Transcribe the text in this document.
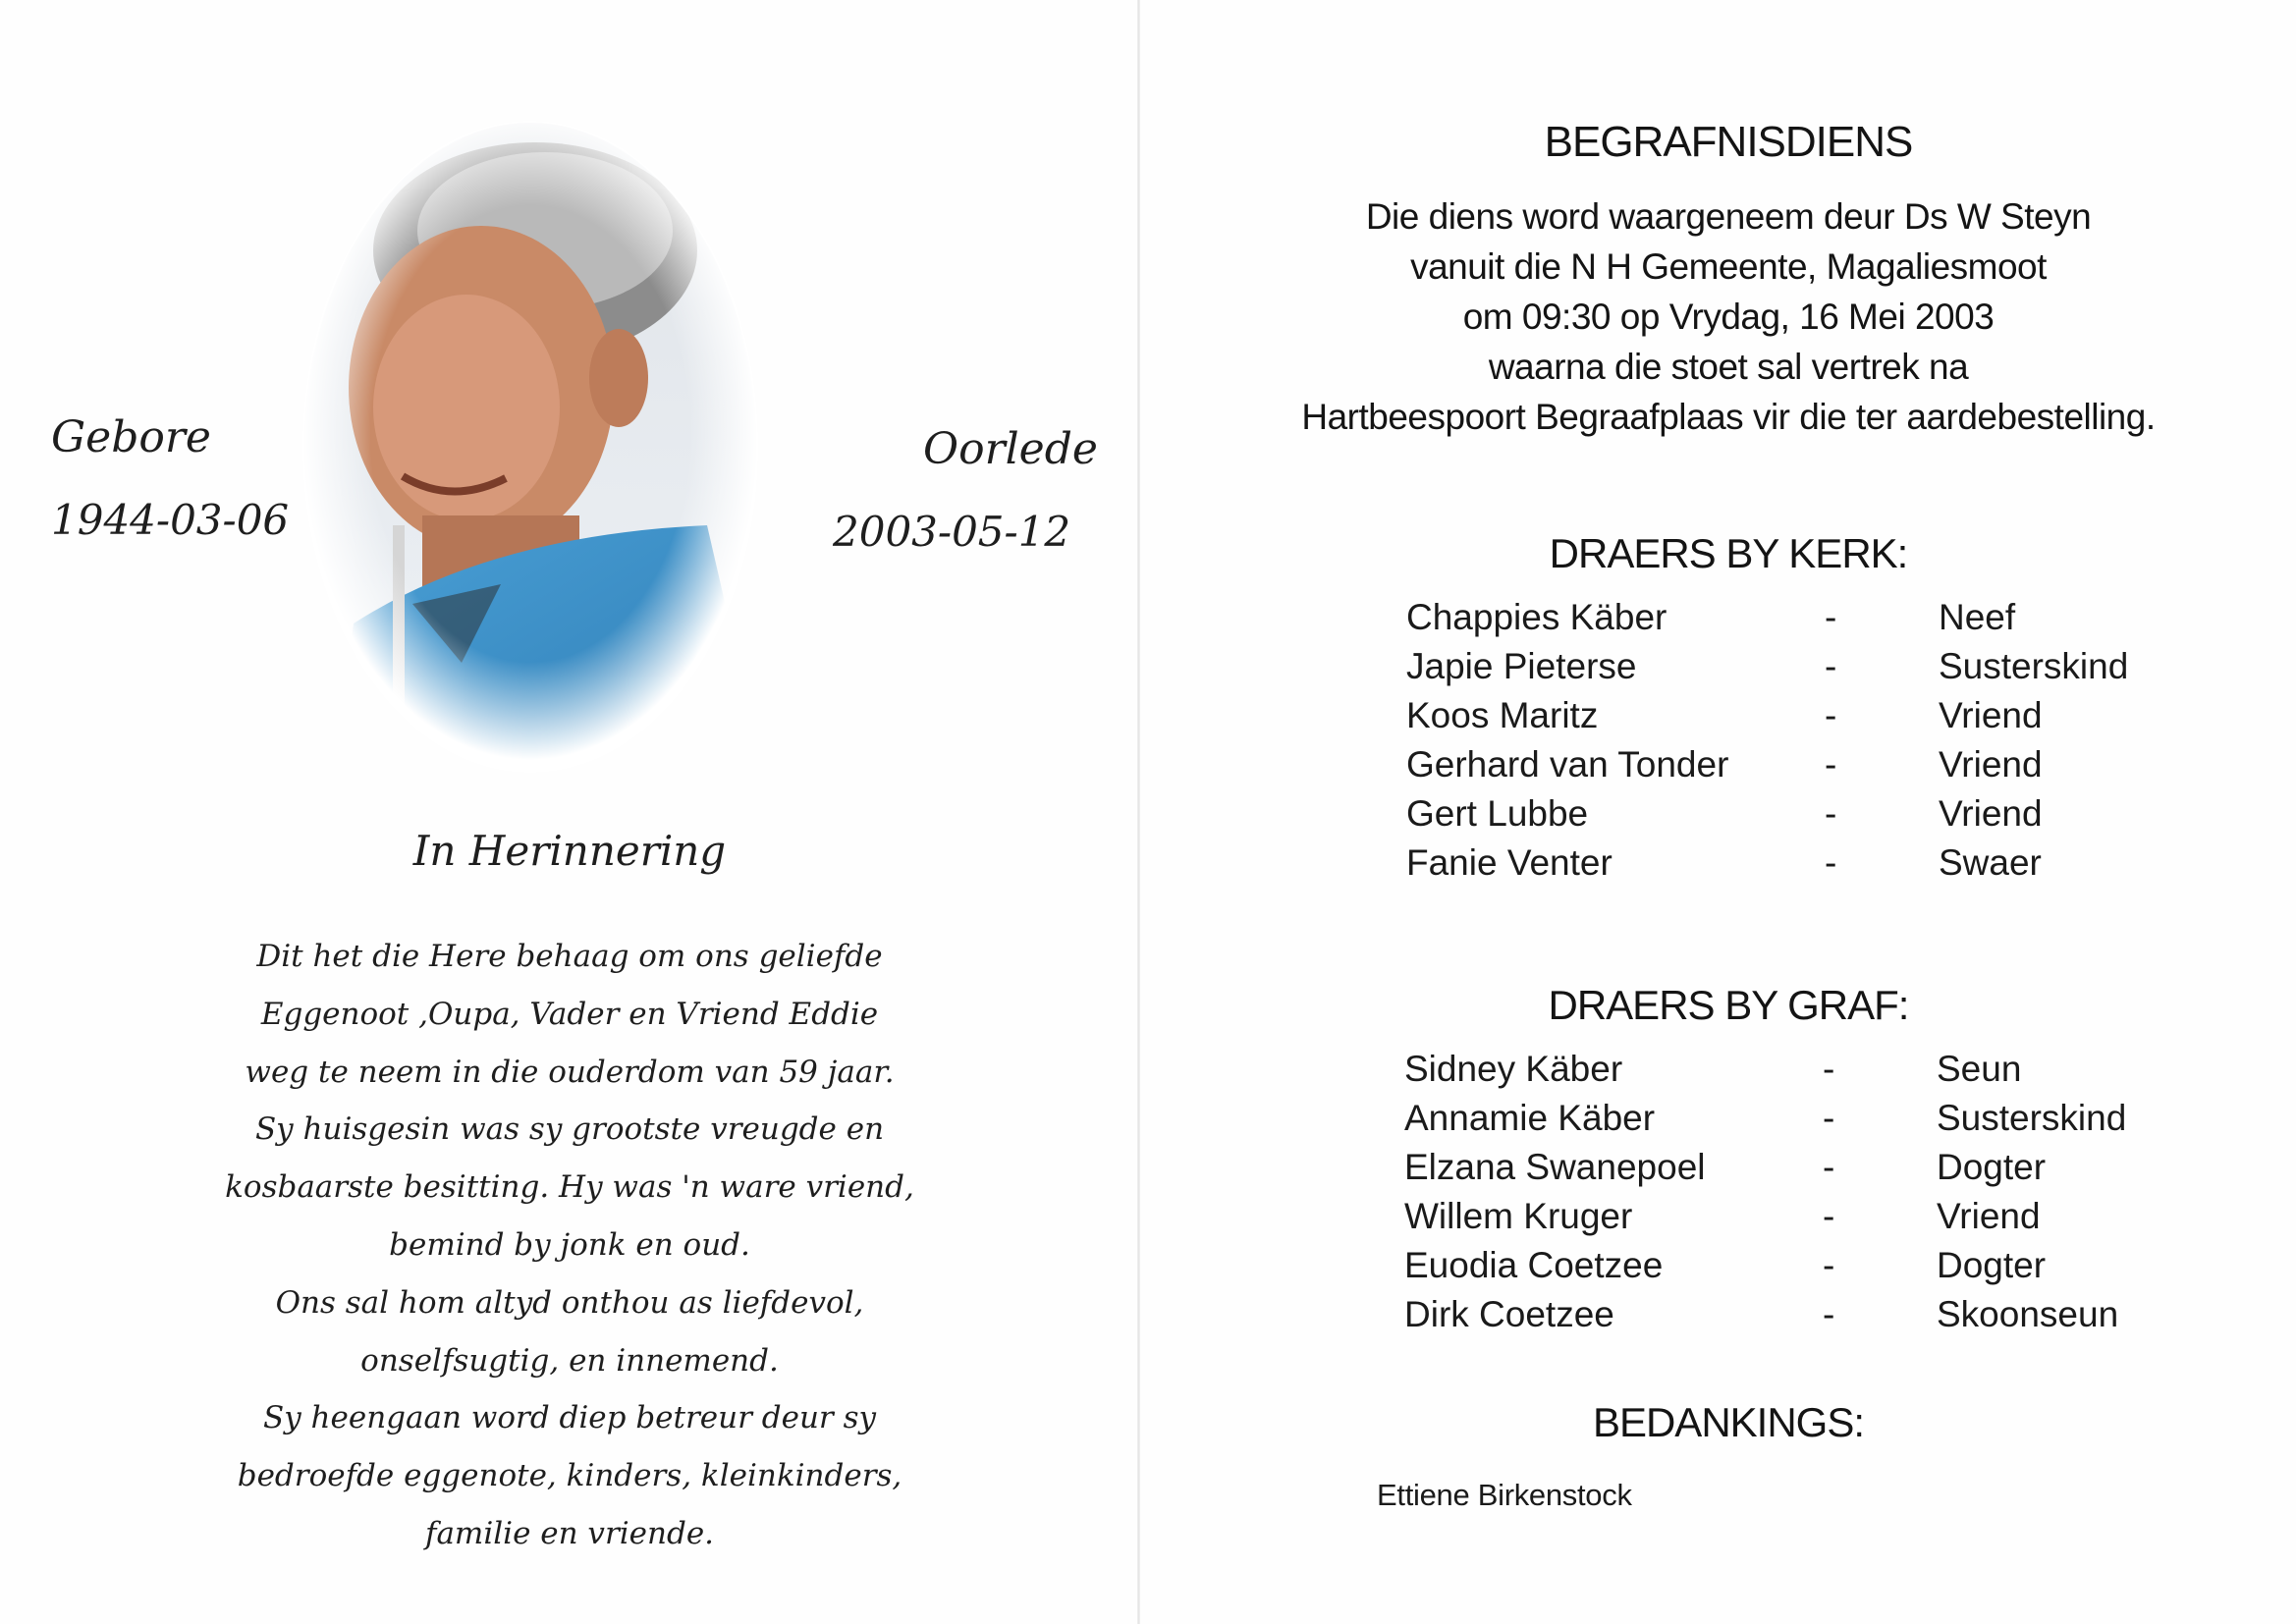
Gebore
1944-03-06
Oorlede
2003-05-12
In Herinnering
Dit het die Here behaag om ons geliefde
Eggenoot ,Oupa, Vader en Vriend Eddie
weg te neem in die ouderdom van 59 jaar.
Sy huisgesin was sy grootste vreugde en
kosbaarste besitting. Hy was 'n ware vriend,
bemind by jonk en oud.
Ons sal hom altyd onthou as liefdevol,
onselfsugtig, en innemend.
Sy heengaan word diep betreur deur sy
bedroefde eggenote, kinders, kleinkinders,
familie en vriende.
BEGRAFNISDIENS
Die diens word waargeneem deur Ds W Steyn
vanuit die N H Gemeente, Magaliesmoot
om 09:30 op Vrydag, 16 Mei 2003
waarna die stoet sal vertrek na
Hartbeespoort Begraafplaas vir die ter aardebestelling.
DRAERS BY KERK:
Chappies Käber	-	Neef
Japie Pieterse	-	Susterskind
Koos Maritz	-	Vriend
Gerhard van Tonder	-	Vriend
Gert Lubbe	-	Vriend
Fanie Venter	-	Swaer
DRAERS BY GRAF:
Sidney Käber	-	Seun
Annamie Käber	-	Susterskind
Elzana Swanepoel	-	Dogter
Willem Kruger	-	Vriend
Euodia Coetzee	-	Dogter
Dirk Coetzee	-	Skoonseun
BEDANKINGS:
Ettiene Birkenstock
